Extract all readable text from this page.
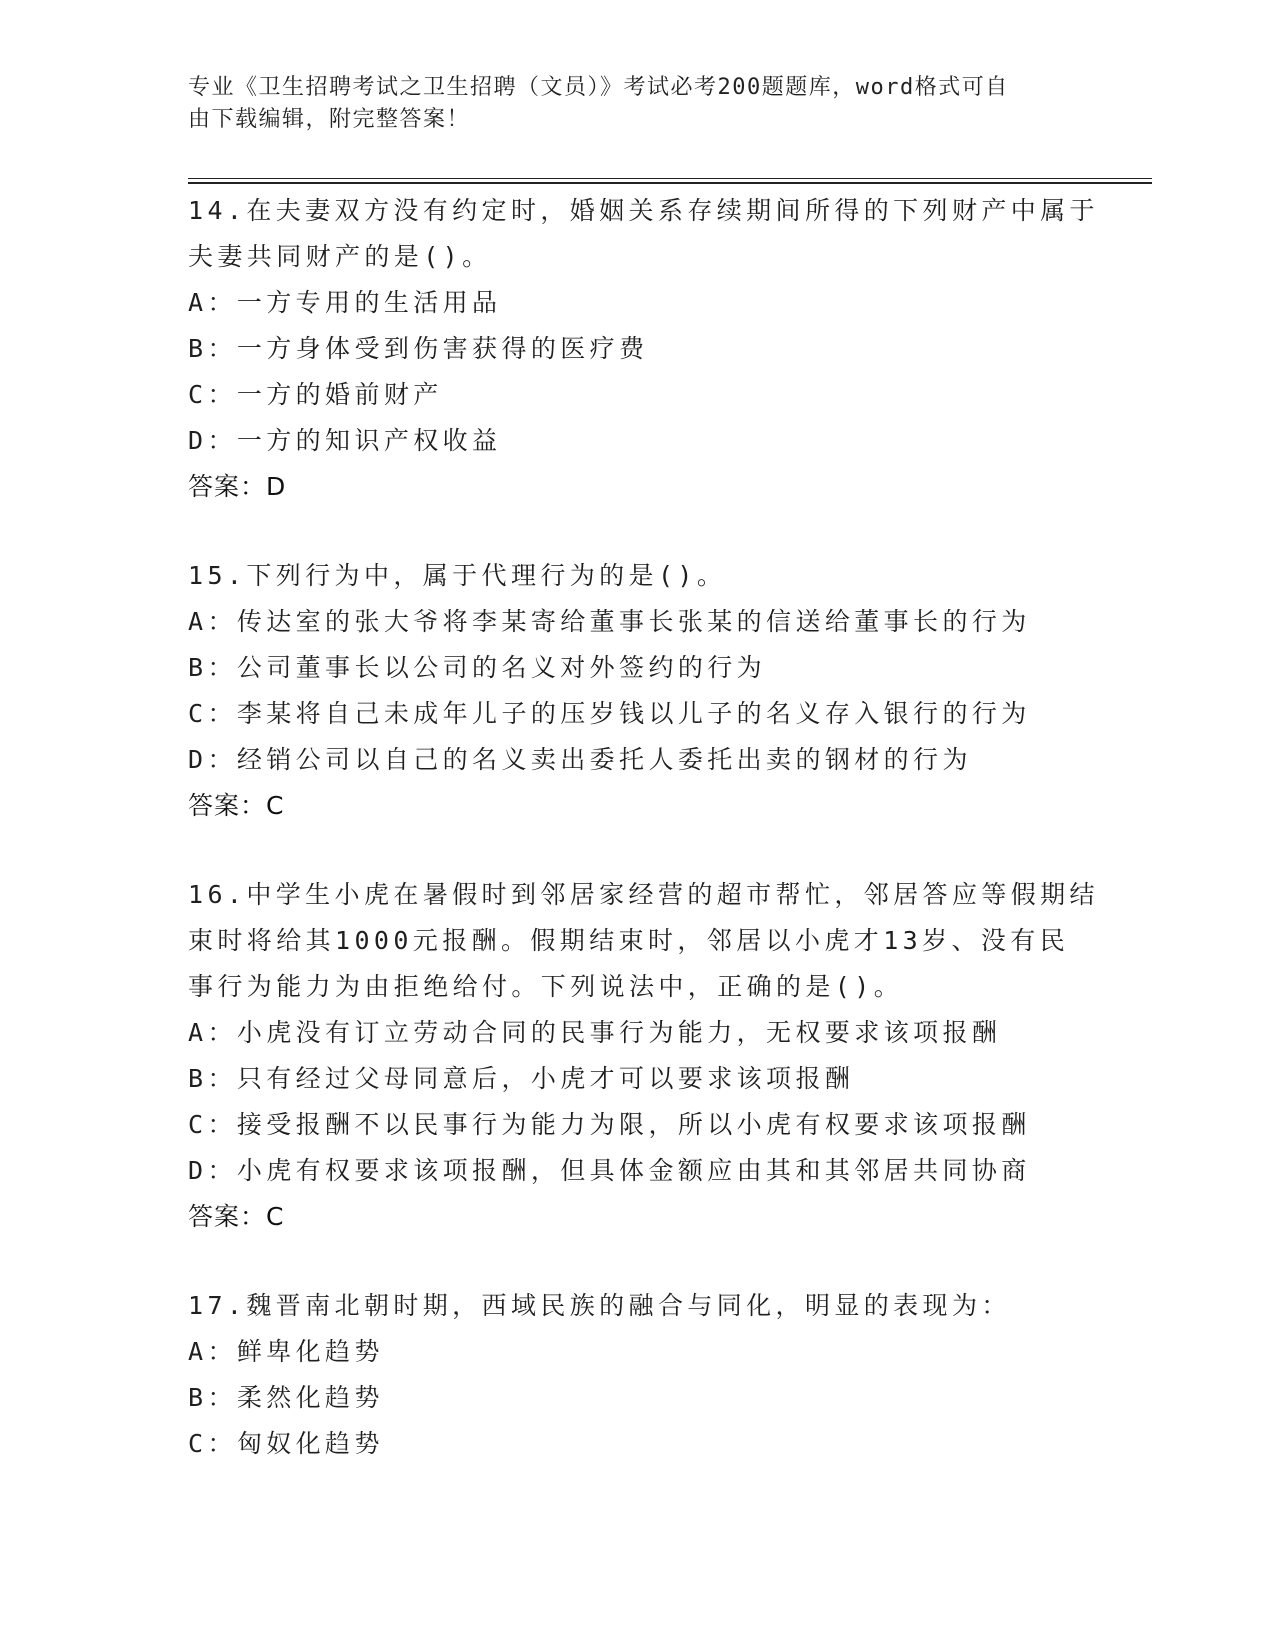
专业《卫生招聘考试之卫生招聘（文员）》考试必考200题题库，word格式可自
由下载编辑，附完整答案！
14.在夫妻双方没有约定时，婚姻关系存续期间所得的下列财产中属于
夫妻共同财产的是()。
A：一方专用的生活用品
B：一方身体受到伤害获得的医疗费
C：一方的婚前财产
D：一方的知识产权收益
答案：D
15.下列行为中，属于代理行为的是()。
A：传达室的张大爷将李某寄给董事长张某的信送给董事长的行为
B：公司董事长以公司的名义对外签约的行为
C：李某将自己未成年儿子的压岁钱以儿子的名义存入银行的行为
D：经销公司以自己的名义卖出委托人委托出卖的钢材的行为
答案：C
16.中学生小虎在暑假时到邻居家经营的超市帮忙，邻居答应等假期结
束时将给其1000元报酬。假期结束时，邻居以小虎才13岁、没有民
事行为能力为由拒绝给付。下列说法中，正确的是()。
A：小虎没有订立劳动合同的民事行为能力，无权要求该项报酬
B：只有经过父母同意后，小虎才可以要求该项报酬
C：接受报酬不以民事行为能力为限，所以小虎有权要求该项报酬
D：小虎有权要求该项报酬，但具体金额应由其和其邻居共同协商
答案：C
17.魏晋南北朝时期，西域民族的融合与同化，明显的表现为：
A：鲜卑化趋势
B：柔然化趋势
C：匈奴化趋势
